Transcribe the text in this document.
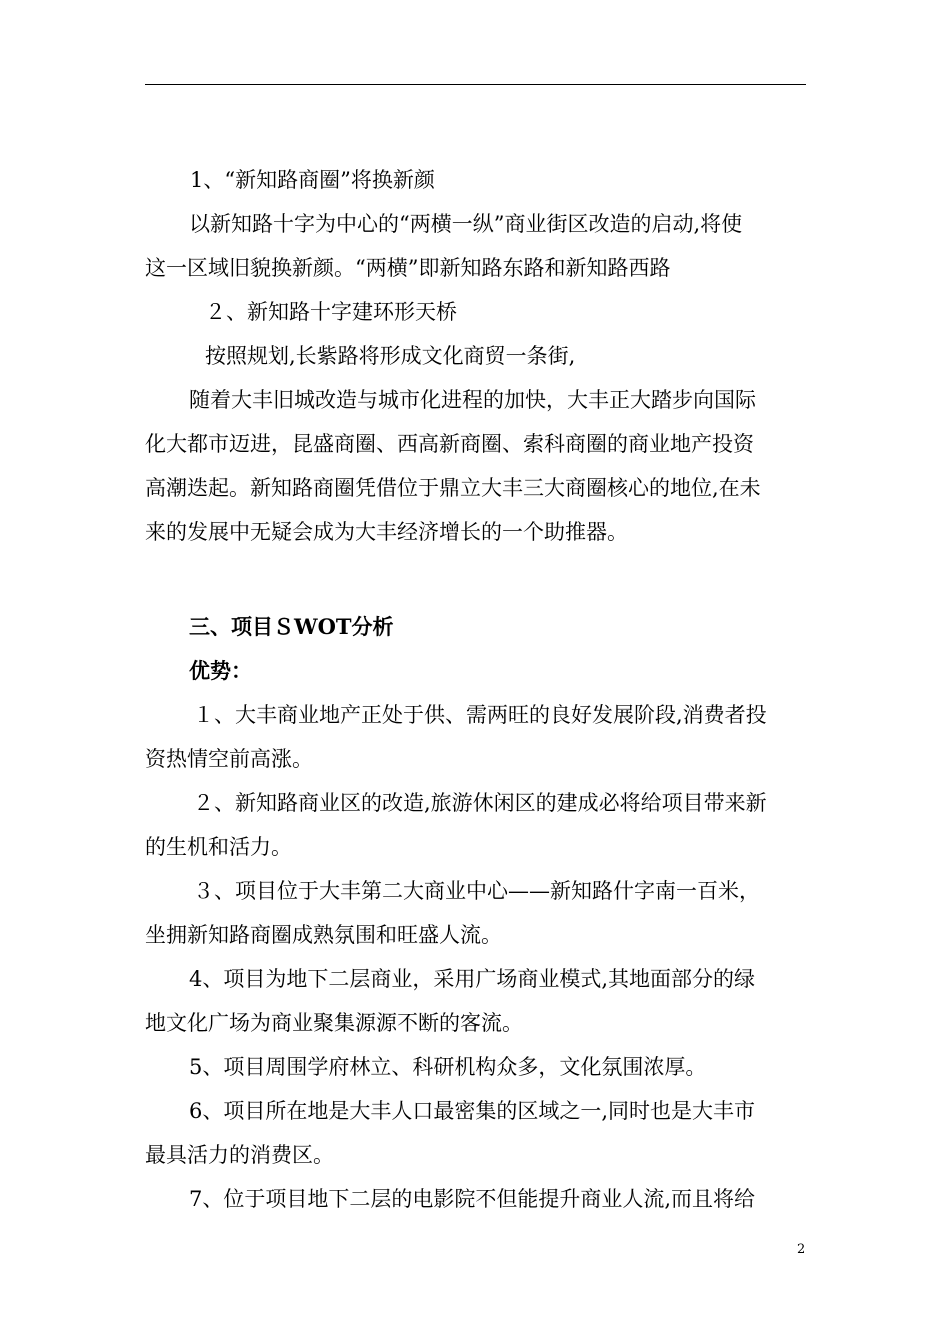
1、“新知路商圈”将换新颜
以新知路十字为中心的“两横一纵”商业街区改造的启动,将使
这一区域旧貌换新颜。“两横”即新知路东路和新知路西路
２、新知路十字建环形天桥
按照规划,长紫路将形成文化商贸一条街,
随着大丰旧城改造与城市化进程的加快，大丰正大踏步向国际
化大都市迈进，昆盛商圈、西高新商圈、索科商圈的商业地产投资
高潮迭起。新知路商圈凭借位于鼎立大丰三大商圈核心的地位,在未
来的发展中无疑会成为大丰经济增长的一个助推器。
三、项目ＳWOT分析
优势：
１、大丰商业地产正处于供、需两旺的良好发展阶段,消费者投
资热情空前高涨。
２、新知路商业区的改造,旅游休闲区的建成必将给项目带来新
的生机和活力。
３、项目位于大丰第二大商业中心——新知路什字南一百米，
坐拥新知路商圈成熟氛围和旺盛人流。
4、项目为地下二层商业，采用广场商业模式,其地面部分的绿
地文化广场为商业聚集源源不断的客流。
5、项目周围学府林立、科研机构众多，文化氛围浓厚。
6、项目所在地是大丰人口最密集的区域之一,同时也是大丰市
最具活力的消费区。
7、位于项目地下二层的电影院不但能提升商业人流,而且将给
2
